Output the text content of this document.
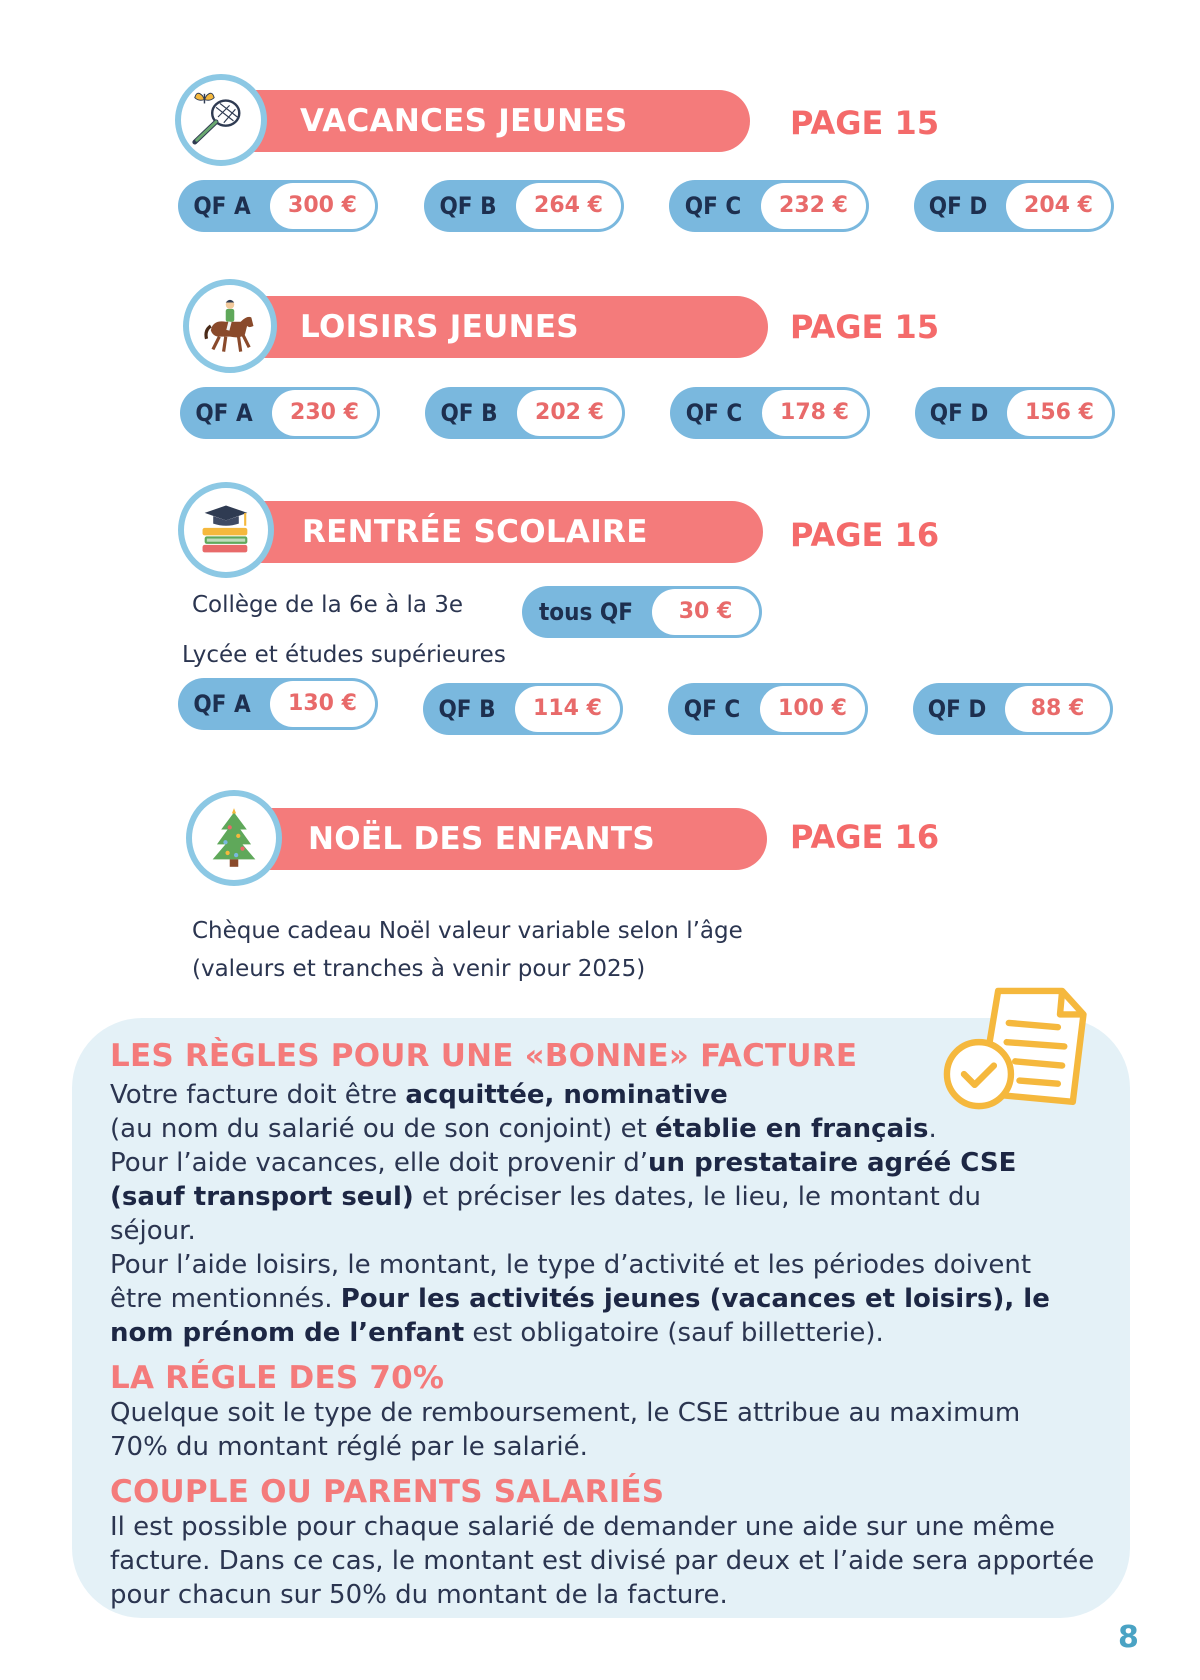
VACANCES JEUNES	PAGE 15
QF A	300 €	QF B	264 €	QF C	232 €	QF D	204 €
LOISIRS JEUNES	PAGE 15
QF A	230 €	QF B	202 €	QF C	178 €	QF D	156 €
RENTRÉE SCOLAIRE	PAGE 16
Collège de la 6e à la 3e	tous QF	30 €
Lycée et études supérieures
QF A	130 €	QF B	114 €	QF C	100 €	QF D	88 €
NOËL DES ENFANTS	PAGE 16
Chèque cadeau Noël valeur variable selon l’âge
(valeurs et tranches à venir pour 2025)
LES RÈGLES POUR UNE «BONNE» FACTURE

Votre facture doit être acquittée, nominative
(au nom du salarié ou de son conjoint) et établie en français.
Pour l’aide vacances, elle doit provenir d’un prestataire agréé CSE (sauf transport seul) et préciser les dates, le lieu, le montant du séjour.
Pour l’aide loisirs, le montant, le type d’activité et les périodes doivent être mentionnés. Pour les activités jeunes (vacances et loisirs), le nom prénom de l’enfant est obligatoire (sauf billetterie).

LA RÉGLE DES 70%

Quelque soit le type de remboursement, le CSE attribue au maximum 70% du montant réglé par le salarié.

COUPLE OU PARENTS SALARIÉS

Il est possible pour chaque salarié de demander une aide sur une même facture. Dans ce cas, le montant est divisé par deux et l’aide sera apportée pour chacun sur 50% du montant de la facture.

8
